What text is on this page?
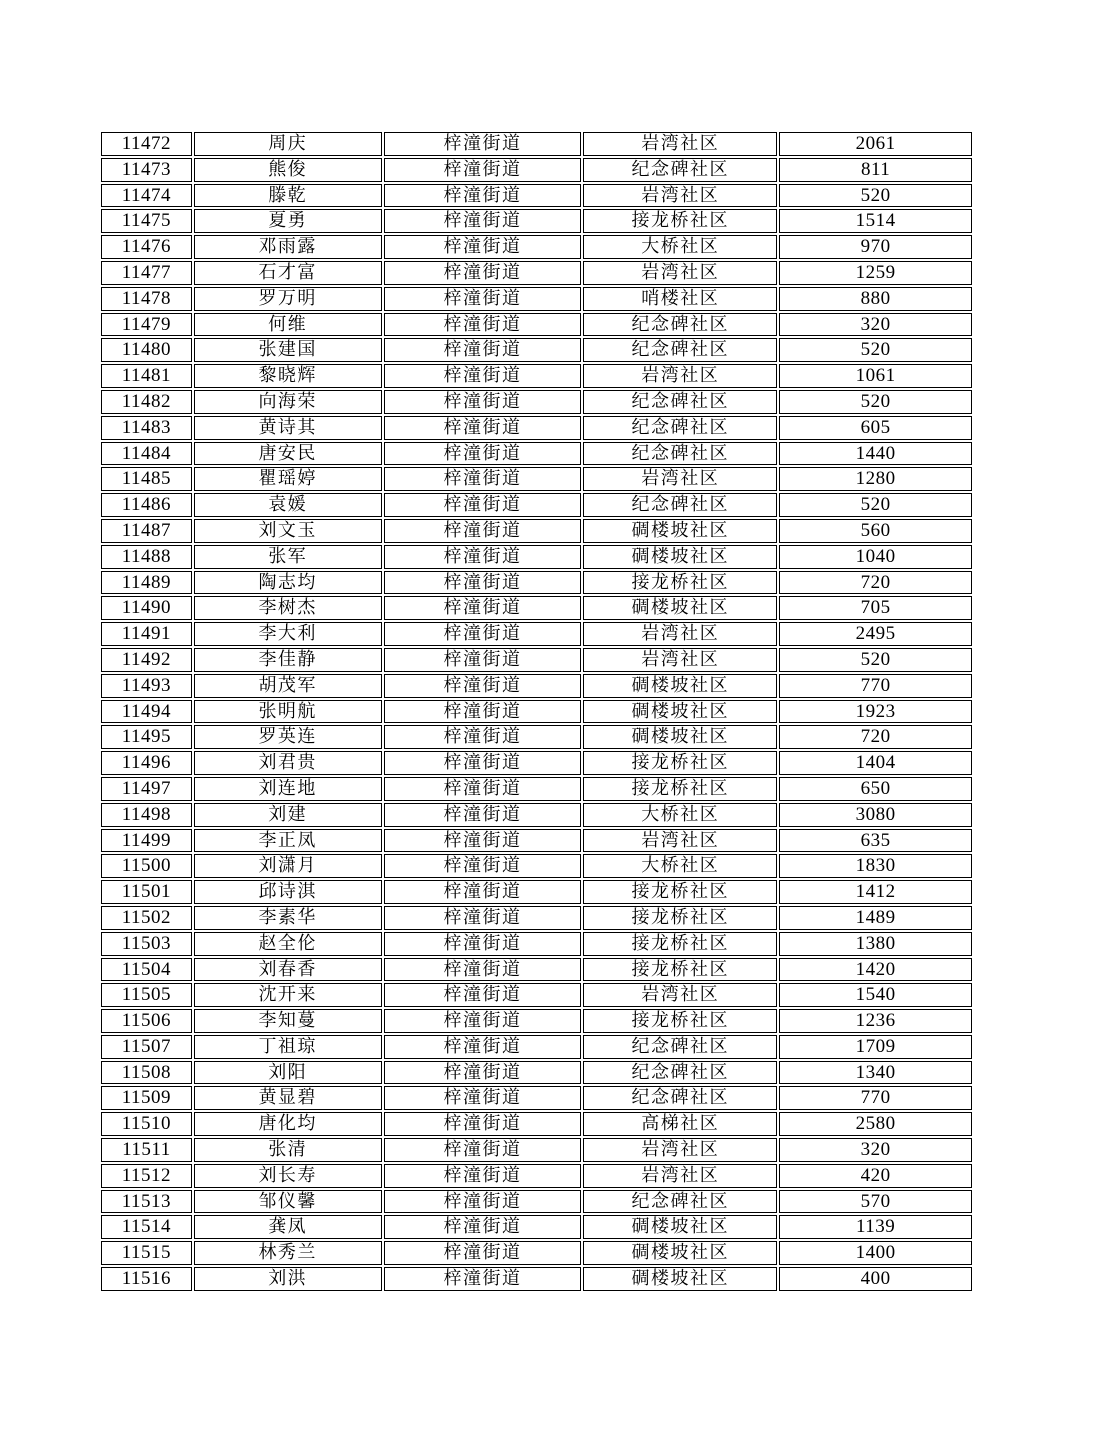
11472	周庆	梓潼街道	岩湾社区	2061
11473	熊俊	梓潼街道	纪念碑社区	811
11474	滕乾	梓潼街道	岩湾社区	520
11475	夏勇	梓潼街道	接龙桥社区	1514
11476	邓雨露	梓潼街道	大桥社区	970
11477	石才富	梓潼街道	岩湾社区	1259
11478	罗万明	梓潼街道	哨楼社区	880
11479	何维	梓潼街道	纪念碑社区	320
11480	张建国	梓潼街道	纪念碑社区	520
11481	黎晓辉	梓潼街道	岩湾社区	1061
11482	向海荣	梓潼街道	纪念碑社区	520
11483	黄诗其	梓潼街道	纪念碑社区	605
11484	唐安民	梓潼街道	纪念碑社区	1440
11485	瞿瑶婷	梓潼街道	岩湾社区	1280
11486	袁媛	梓潼街道	纪念碑社区	520
11487	刘文玉	梓潼街道	碉楼坡社区	560
11488	张军	梓潼街道	碉楼坡社区	1040
11489	陶志均	梓潼街道	接龙桥社区	720
11490	李树杰	梓潼街道	碉楼坡社区	705
11491	李大利	梓潼街道	岩湾社区	2495
11492	李佳静	梓潼街道	岩湾社区	520
11493	胡茂军	梓潼街道	碉楼坡社区	770
11494	张明航	梓潼街道	碉楼坡社区	1923
11495	罗英连	梓潼街道	碉楼坡社区	720
11496	刘君贵	梓潼街道	接龙桥社区	1404
11497	刘连地	梓潼街道	接龙桥社区	650
11498	刘建	梓潼街道	大桥社区	3080
11499	李正凤	梓潼街道	岩湾社区	635
11500	刘潇月	梓潼街道	大桥社区	1830
11501	邱诗淇	梓潼街道	接龙桥社区	1412
11502	李素华	梓潼街道	接龙桥社区	1489
11503	赵全伦	梓潼街道	接龙桥社区	1380
11504	刘春香	梓潼街道	接龙桥社区	1420
11505	沈开来	梓潼街道	岩湾社区	1540
11506	李知蔓	梓潼街道	接龙桥社区	1236
11507	丁祖琼	梓潼街道	纪念碑社区	1709
11508	刘阳	梓潼街道	纪念碑社区	1340
11509	黄显碧	梓潼街道	纪念碑社区	770
11510	唐化均	梓潼街道	高梯社区	2580
11511	张清	梓潼街道	岩湾社区	320
11512	刘长寿	梓潼街道	岩湾社区	420
11513	邹仪馨	梓潼街道	纪念碑社区	570
11514	龚凤	梓潼街道	碉楼坡社区	1139
11515	林秀兰	梓潼街道	碉楼坡社区	1400
11516	刘洪	梓潼街道	碉楼坡社区	400
